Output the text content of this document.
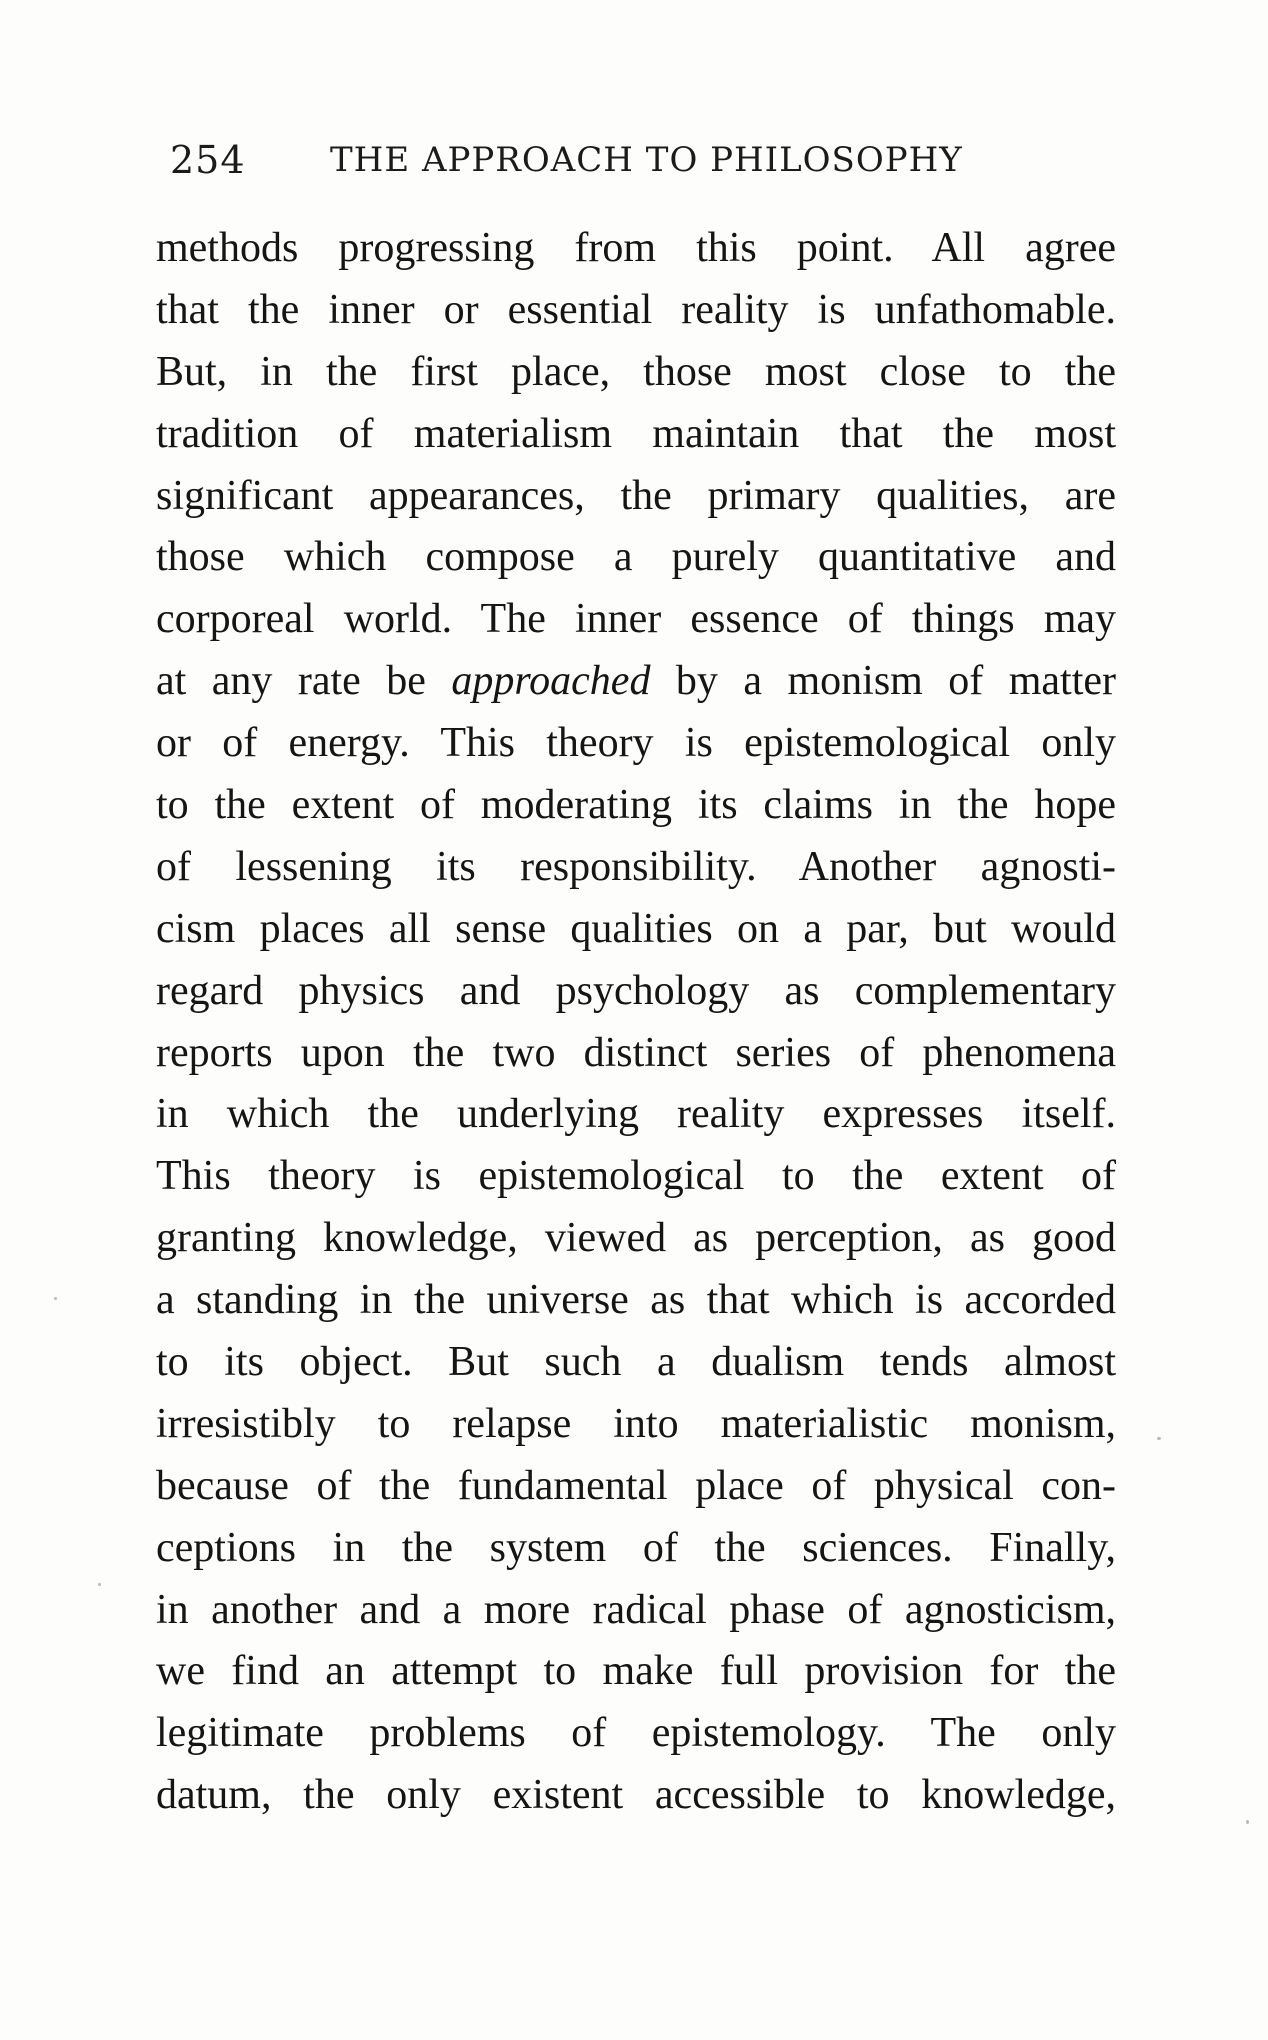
254 THE APPROACH TO PHILOSOPHY
methods progressing from this point. All agree
that the inner or essential reality is unfathomable.
But, in the first place, those most close to the
tradition of materialism maintain that the most
significant appearances, the primary qualities, are
those which compose a purely quantitative and
corporeal world. The inner essence of things may
at any rate be approached by a monism of matter
or of energy. This theory is epistemological only
to the extent of moderating its claims in the hope
of lessening its responsibility. Another agnosti-
cism places all sense qualities on a par, but would
regard physics and psychology as complementary
reports upon the two distinct series of phenomena
in which the underlying reality expresses itself.
This theory is epistemological to the extent of
granting knowledge, viewed as perception, as good
a standing in the universe as that which is accorded
to its object. But such a dualism tends almost
irresistibly to relapse into materialistic monism,
because of the fundamental place of physical con-
ceptions in the system of the sciences. Finally,
in another and a more radical phase of agnosticism,
we find an attempt to make full provision for the
legitimate problems of epistemology. The only
datum, the only existent accessible to knowledge,
